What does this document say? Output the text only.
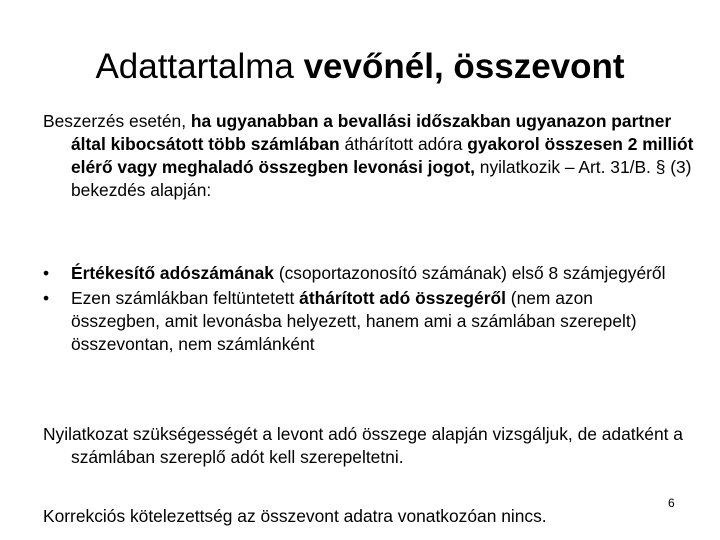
Adattartalma vevőnél, összevont
Beszerzés esetén, ha ugyanabban a bevallási időszakban ugyanazon partner által kibocsátott több számlában áthárított adóra gyakorol összesen 2 milliót elérő vagy meghaladó összegben levonási jogot, nyilatkozik – Art. 31/B. § (3) bekezdés alapján:
• Értékesítő adószámának (csoportazonosító számának) első 8 számjegyéről
• Ezen számlákban feltüntetett áthárított adó összegéről (nem azon összegben, amit levonásba helyezett, hanem ami a számlában szerepelt) összevontan, nem számlánként
Nyilatkozat szükségességét a levont adó összege alapján vizsgáljuk, de adatként a számlában szereplő adót kell szerepeltetni.
Korrekciós kötelezettség az összevont adatra vonatkozóan nincs.
6
